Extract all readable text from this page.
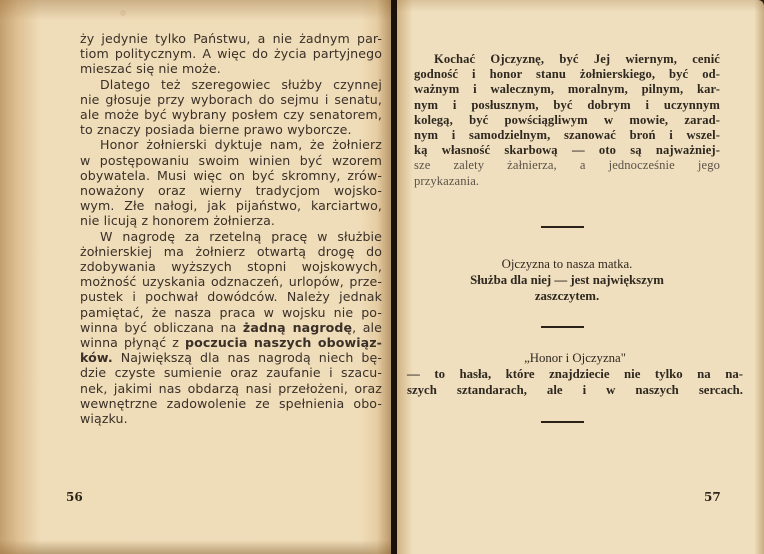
ży jedynie tylko Państwu, a nie żadnym par-
tiom politycznym. A więc do życia partyjnego
mieszać się nie może.

Dlatego też szeregowiec służby czynnej
nie głosuje przy wyborach do sejmu i senatu,
ale może być wybrany posłem czy senatorem,
to znaczy posiada bierne prawo wyborcze.

Honor żołnierski dyktuje nam, że żołnierz
w postępowaniu swoim winien być wzorem
obywatela. Musi więc on być skromny, zrów-
noważony oraz wierny tradycjom wojsko-
wym. Złe nałogi, jak pijaństwo, karciartwo,
nie licują z honorem żołnierza.

W nagrodę za rzetelną pracę w służbie
żołnierskiej ma żołnierz otwartą drogę do
zdobywania wyższych stopni wojskowych,
możność uzyskania odznaczeń, urlopów, prze-
pustek i pochwał dowódców. Należy jednak
pamiętać, że nasza praca w wojsku nie po-
winna być obliczana na żadną nagrodę, ale
winna płynąć z poczucia naszych obowiąz-
ków. Największą dla nas nagrodą niech bę-
dzie czyste sumienie oraz zaufanie i szacu-
nek, jakimi nas obdarzą nasi przełożeni, oraz
wewnętrzne zadowolenie ze spełnienia obo-
wiązku.

56

Kochać Ojczyznę, być Jej wiernym, cenić
godność i honor stanu żołnierskiego, być od-
ważnym i walecznym, moralnym, pilnym, kar-
nym i posłusznym, być dobrym i uczynnym
kolegą, być powściągliwym w mowie, zarad-
nym i samodzielnym, szanować broń i wszel-
ką własność skarbową — oto są najważniej-
sze zalety żałnierza, a jednocześnie jego
przykazania.

Ojczyzna to nasza matka.
Służba dla niej — jest największym
zaszczytem.
„Honor i Ojczyzna"
— to hasła, które znajdziecie nie tylko na na-
szych sztandarach, ale i w naszych sercach.
57
